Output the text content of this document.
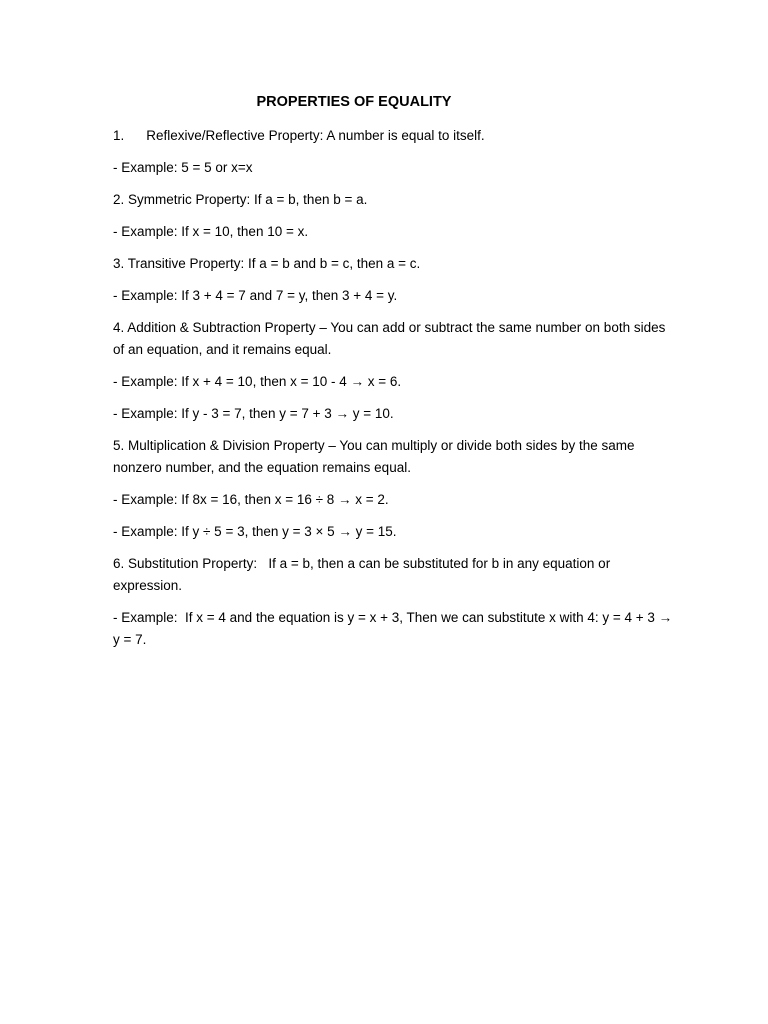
PROPERTIES OF EQUALITY

1. Reflexive/Reflective Property: A number is equal to itself.

- Example: 5 = 5 or x=x

2. Symmetric Property: If a = b, then b = a.

- Example: If x = 10, then 10 = x.

3. Transitive Property: If a = b and b = c, then a = c.

- Example: If 3 + 4 = 7 and 7 = y, then 3 + 4 = y.

4. Addition & Subtraction Property – You can add or subtract the same number on both sides of an equation, and it remains equal.

- Example: If x + 4 = 10, then x = 10 - 4 → x = 6.

- Example: If y - 3 = 7, then y = 7 + 3 → y = 10.

5. Multiplication & Division Property – You can multiply or divide both sides by the same nonzero number, and the equation remains equal.

- Example: If 8x = 16, then x = 16 ÷ 8 → x = 2.

- Example: If y ÷ 5 = 3, then y = 3 × 5 → y = 15.

6. Substitution Property:   If a = b, then a can be substituted for b in any equation or expression.

- Example:  If x = 4 and the equation is y = x + 3, Then we can substitute x with 4: y = 4 + 3 → y = 7.
